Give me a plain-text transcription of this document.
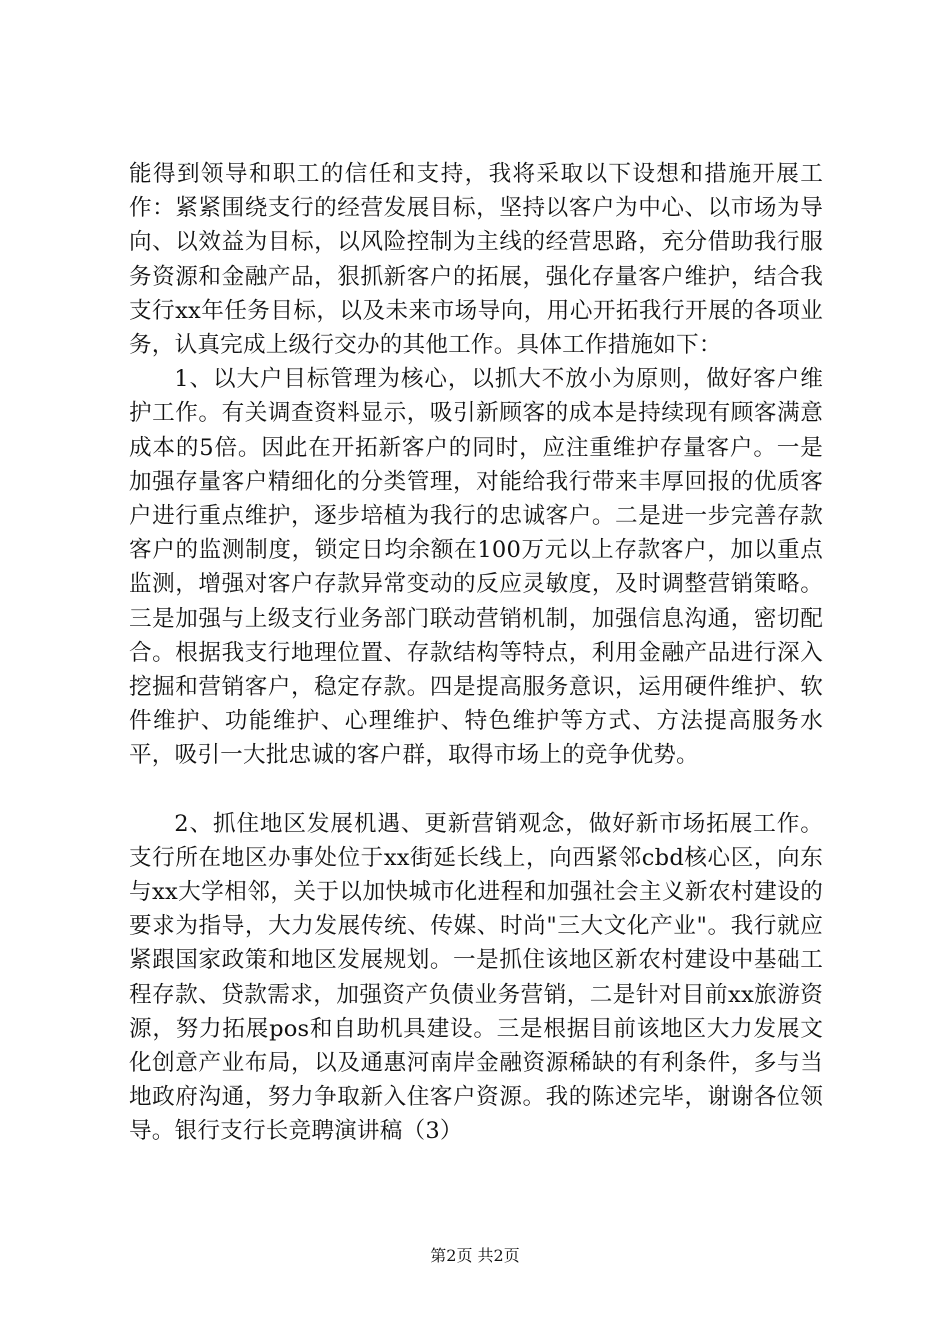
能得到领导和职工的信任和支持，我将采取以下设想和措施开展工作：紧紧围绕支行的经营发展目标，坚持以客户为中心、以市场为导向、以效益为目标，以风险控制为主线的经营思路，充分借助我行服务资源和金融产品，狠抓新客户的拓展，强化存量客户维护，结合我支行xx年任务目标，以及未来市场导向，用心开拓我行开展的各项业务，认真完成上级行交办的其他工作。具体工作措施如下：

1、以大户目标管理为核心，以抓大不放小为原则，做好客户维护工作。有关调查资料显示，吸引新顾客的成本是持续现有顾客满意成本的5倍。因此在开拓新客户的同时，应注重维护存量客户。一是加强存量客户精细化的分类管理，对能给我行带来丰厚回报的优质客户进行重点维护，逐步培植为我行的忠诚客户。二是进一步完善存款客户的监测制度，锁定日均余额在100万元以上存款客户，加以重点监测，增强对客户存款异常变动的反应灵敏度，及时调整营销策略。三是加强与上级支行业务部门联动营销机制，加强信息沟通，密切配合。根据我支行地理位置、存款结构等特点，利用金融产品进行深入挖掘和营销客户，稳定存款。四是提高服务意识，运用硬件维护、软件维护、功能维护、心理维护、特色维护等方式、方法提高服务水平，吸引一大批忠诚的客户群，取得市场上的竞争优势。

2、抓住地区发展机遇、更新营销观念，做好新市场拓展工作。支行所在地区办事处位于xx街延长线上，向西紧邻cbd核心区，向东与xx大学相邻，关于以加快城市化进程和加强社会主义新农村建设的要求为指导，大力发展传统、传媒、时尚"三大文化产业"。我行就应紧跟国家政策和地区发展规划。一是抓住该地区新农村建设中基础工程存款、贷款需求，加强资产负债业务营销，二是针对目前xx旅游资源，努力拓展pos和自助机具建设。三是根据目前该地区大力发展文化创意产业布局，以及通惠河南岸金融资源稀缺的有利条件，多与当地政府沟通，努力争取新入住客户资源。我的陈述完毕，谢谢各位领导。银行支行长竞聘演讲稿（3）

第2页 共2页
